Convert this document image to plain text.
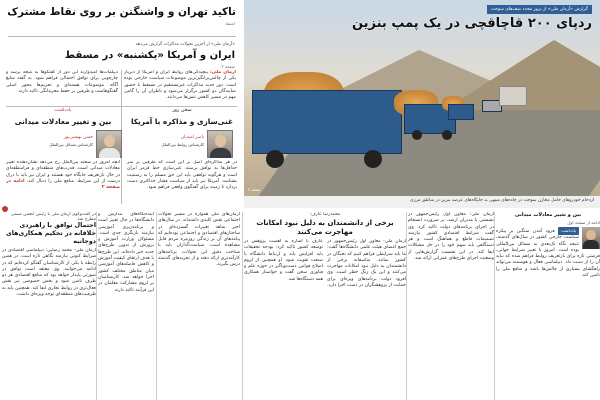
تاکید تهران و واشنگتن بر روی نقاط مشترک
اعتماد
«آرمان ملی» از آخرین تحولات مذاکرات گزارش می‌دهد
ایران و آمریکا «یکشنبه» در مسقط
صفحه ۳
آرمان ملی: پیچیدگی‌های روابط ایران و آمریکا از دیرباز یکی از چالش‌برانگیزترین موضوعات سیاست خارجی بوده است. دور جدید مذاکرات غیرمستقیم در مسقط با حضور نمایندگان دو کشور برگزار می‌شود و ناظران آن را گامی مهم در مسیر کاهش تنش‌ها می‌دانند.
دیپلمات‌ها امیدوارند این دور از گفتگوها به نتیجه برسد و چارچوبی برای توافق احتمالی فراهم شود. به گفته منابع آگاه، موضوعات هسته‌ای و تحریم‌ها محور اصلی گفتگوهاست و طرفین بر حفظ محرمانگی تاکید دارند.
سخن روز
غنی‌سازی و مذاکره با آمریکا
یادداشت
بین و تغییر معادلات میدانی
ناصر امیدیان
کارشناس روابط بین‌الملل
حسن بهشتی‌پور
کارشناس مسائل بین‌الملل
در هر مذاکره‌ای اصل بر این است که طرفین بر سر حداقل‌ها به توافق برسند. غنی‌سازی خط قرمز ایران است و هرگونه توافقی باید این حق مسلم را به رسمیت بشناسد. آمریکا نیز باید از سیاست فشار حداکثری دست بردارد تا زمینه برای گفتگوی واقعی فراهم شود.
آنچه امروز در صحنه بین‌الملل رخ می‌دهد نشان‌دهنده تغییر معادلات میدانی است. قدرت‌های منطقه‌ای و فرامنطقه‌ای در حال بازتعریف جایگاه خود هستند و ایران نیز باید با درک درست از این شرایط، منافع ملی را دنبال کند. ادامه در صفحه ۲
گزارش «آرمان ملی» از بروز مجدد صف‌های سوخت
ردپای ۲۰۰ قاچاقچی در یک پمپ بنزین
صفحه ۴
ازدحام خودروهای حامل مخازن سوخت در جاده‌های منتهی به جایگاه‌های عرضه بنزین در مناطق مرزی
در گفت‌وگوی آرمان ملی با رئیس انجمن صنفی مطرح شد
احتمال توافق با راهبردی خلاقانه در تحکیم همکاری‌های دوجانبه
آرمان ملی- محمد رضایی: دیپلماسی اقتصادی در شرایط کنونی نیازمند نگاهی تازه است. در همین رابطه با یکی از کارشناسان گفتگو کرده‌ایم که در ادامه می‌خوانید. وی معتقد است توافق در صورتی پایدار خواهد بود که منافع اقتصادی هر دو طرف تامین شود و بخش خصوصی نیز نقش فعال‌تری در روابط تجاری ایفا کند. همچنین باید به ظرفیت‌های منطقه‌ای توجه ویژه‌ای داشت.
آینده‌نگاه‌های مدارس و دانشگاه‌ها در حال تغییر است و برنامه‌ریزی آموزشی نیازمند بازنگری جدی است. مسئولان وزارت آموزش و پرورش از تدوین طرح‌های جدید خبر داده‌اند. این طرح‌ها با هدف ارتقای کیفیت آموزش و کاهش فاصله‌های آموزشی میان مناطق مختلف کشور اجرا خواهد شد. کارشناسان بر لزوم مشارکت معلمان در این فرآیند تاکید دارند.
آرمان‌های ملی همواره در مسیر تحولات اجتماعی نقش کلیدی داشته‌اند. در سال‌های اخیر شاهد تغییرات گسترده‌ای در ساختارهای اقتصادی و اجتماعی بوده‌ایم که پیامدهای آن بر زندگی روزمره مردم قابل مشاهده است. سیاست‌گذاران باید با شناخت دقیق این تحولات، برنامه‌های کارآمدتری ارائه دهند و از تجربه‌های گذشته درس بگیرند.
محمدرضا عارف:
برخی از دانشمندان به دلیل نبود امکانات مهاجرت می‌کنند
آرمان ملی- معاون اول رئیس‌جمهور در جمع اعضای هیئت علمی دانشگاه‌ها گفت: ما باید شرایطی فراهم کنیم که نخبگان در کشور بمانند. متاسفانه برخی از دانشمندان به دلیل نبود امکانات مهاجرت می‌کنند و این یک زنگ خطر است. وی افزود دولت برنامه‌های ویژه‌ای برای حمایت از پژوهشگران در دست اجرا دارد.
عارف با اشاره به اهمیت پژوهش در توسعه کشور تاکید کرد: بودجه تحقیقات باید افزایش یابد و ارتباط دانشگاه با صنعت تقویت شود. او همچنین از لزوم اصلاح قوانین دست‌وپاگیر در حوزه علم و فناوری سخن گفت و خواستار همکاری همه دستگاه‌ها شد.
آرمان ملی: معاون اول رئیس‌جمهور در نشستی با مدیران ارشد، بر ضرورت انسجام در اجرای برنامه‌های دولت تاکید کرد. وی گفت شرایط اقتصادی کشور نیازمند تصمیمات قاطع و هماهنگ است و هر دستگاهی باید سهم خود را در حل مشکلات ایفا کند. در این نشست گزارش‌هایی از وضعیت اجرای طرح‌های عمرانی ارائه شد.
بین و تغییر معادلات میدانی
ادامه از صفحه اول
یادداشت فرود آمدن سنگین بر پیکره سیاست خارجی کشور در سال‌های گذشته، نتیجه نگاه تک‌بعدی به مسائل بین‌المللی بوده است. امروز با تغییر شرایط جهانی، فرصتی تازه برای بازتعریف روابط فراهم شده که نباید آن را از دست داد. دیپلماسی فعال و هوشمند می‌تواند راهگشای بسیاری از چالش‌ها باشد و منافع ملی را تامین کند.
